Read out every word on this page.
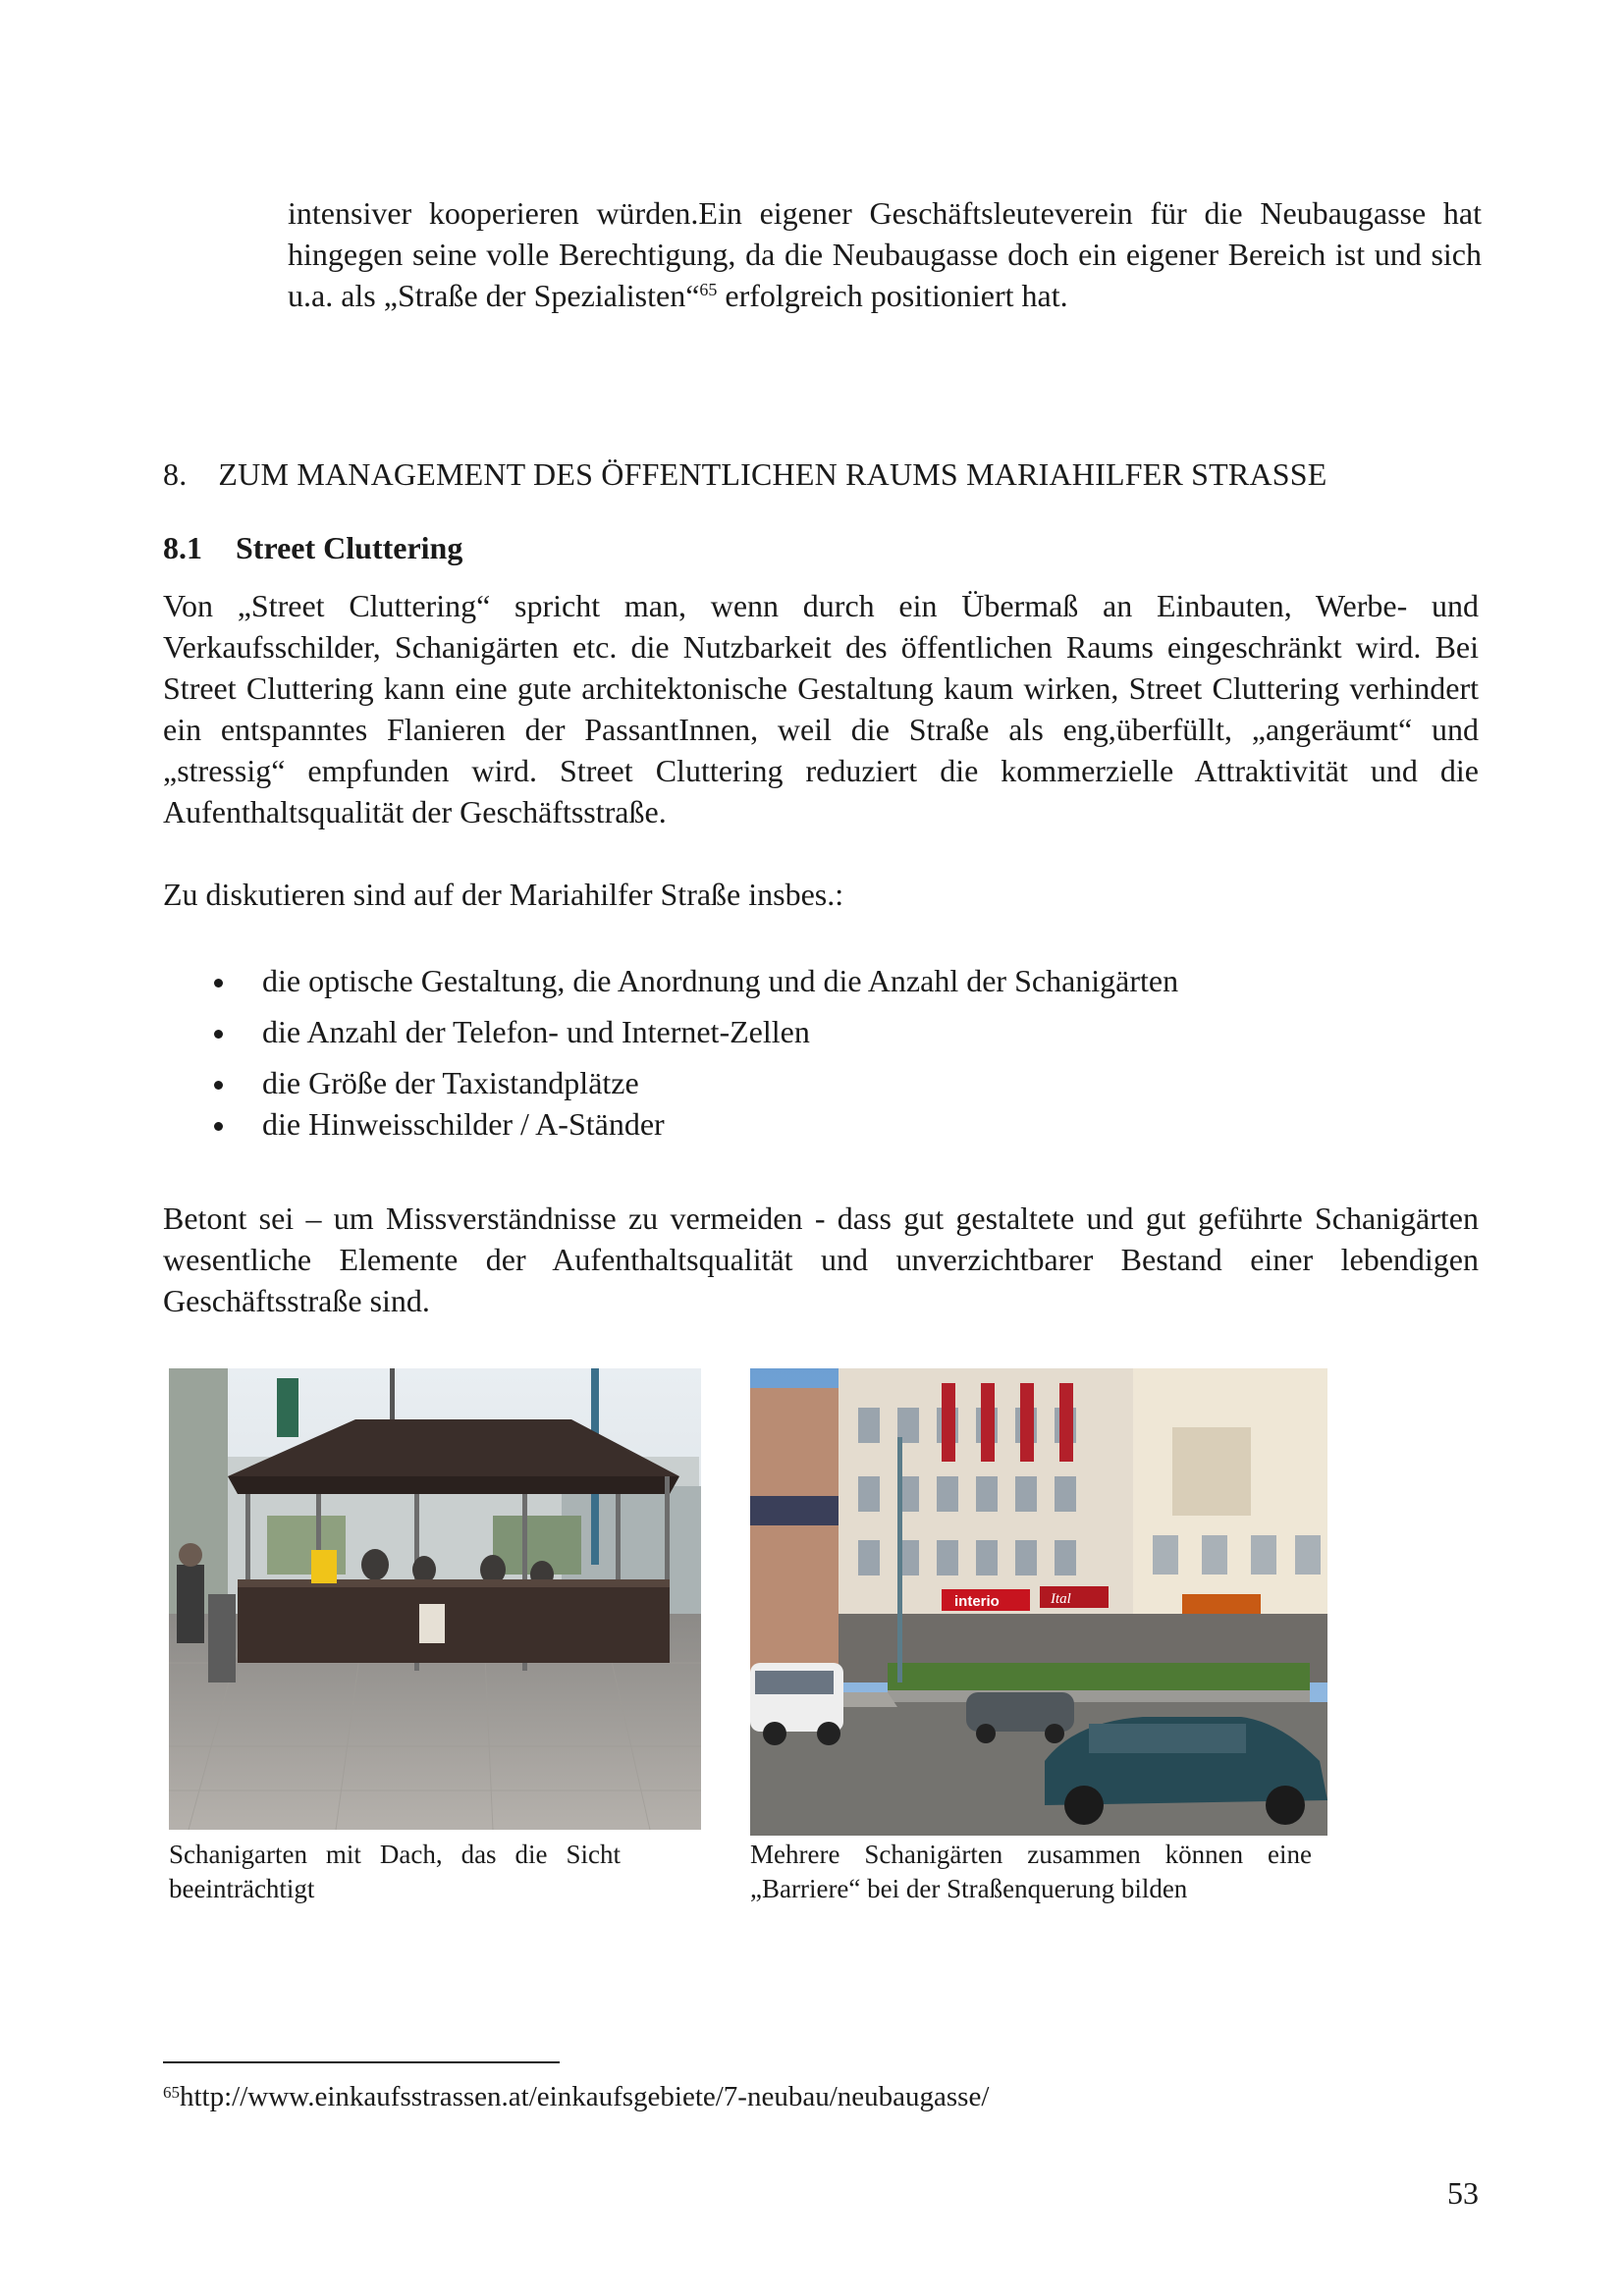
intensiver kooperieren würden.Ein eigener Geschäftsleuteverein für die Neubaugasse hat hingegen seine volle Berechtigung, da die Neubaugasse doch ein eigener Bereich ist und sich u.a. als „Straße der Spezialisten“$^{65}$ erfolgreich positioniert hat.

8. ZUM MANAGEMENT DES ÖFFENTLICHEN RAUMS MARIAHILFER STRASSE
8.1 Street Cluttering

Von „Street Cluttering“ spricht man, wenn durch ein Übermaß an Einbauten, Werbe- und Verkaufsschilder, Schanigärten etc. die Nutzbarkeit des öffentlichen Raums eingeschränkt wird. Bei Street Cluttering kann eine gute architektonische Gestaltung kaum wirken, Street Cluttering verhindert ein entspanntes Flanieren der PassantInnen, weil die Straße als eng,überfüllt, „angeräumt“ und „stressig“ empfunden wird. Street Cluttering reduziert die kommerzielle Attraktivität und die Aufenthaltsqualität der Geschäftsstraße.

Zu diskutieren sind auf der Mariahilfer Straße insbes.:

die optische Gestaltung, die Anordnung und die Anzahl der Schanigärten
die Anzahl der Telefon- und Internet-Zellen
die Größe der Taxistandplätze
die Hinweisschilder / A-Ständer

Betont sei – um Missverständnisse zu vermeiden - dass gut gestaltete und gut geführte Schanigärten wesentliche Elemente der Aufenthaltsqualität und unverzichtbarer Bestand einer lebendigen Geschäftsstraße sind.

interio	Ital

Schanigarten mit Dach, das die Sicht beeinträchtigt

Mehrere Schanigärten zusammen können eine „Barriere“ bei der Straßenquerung bilden

$^{65}$http://www.einkaufsstrassen.at/einkaufsgebiete/7-neubau/neubaugasse/
53
